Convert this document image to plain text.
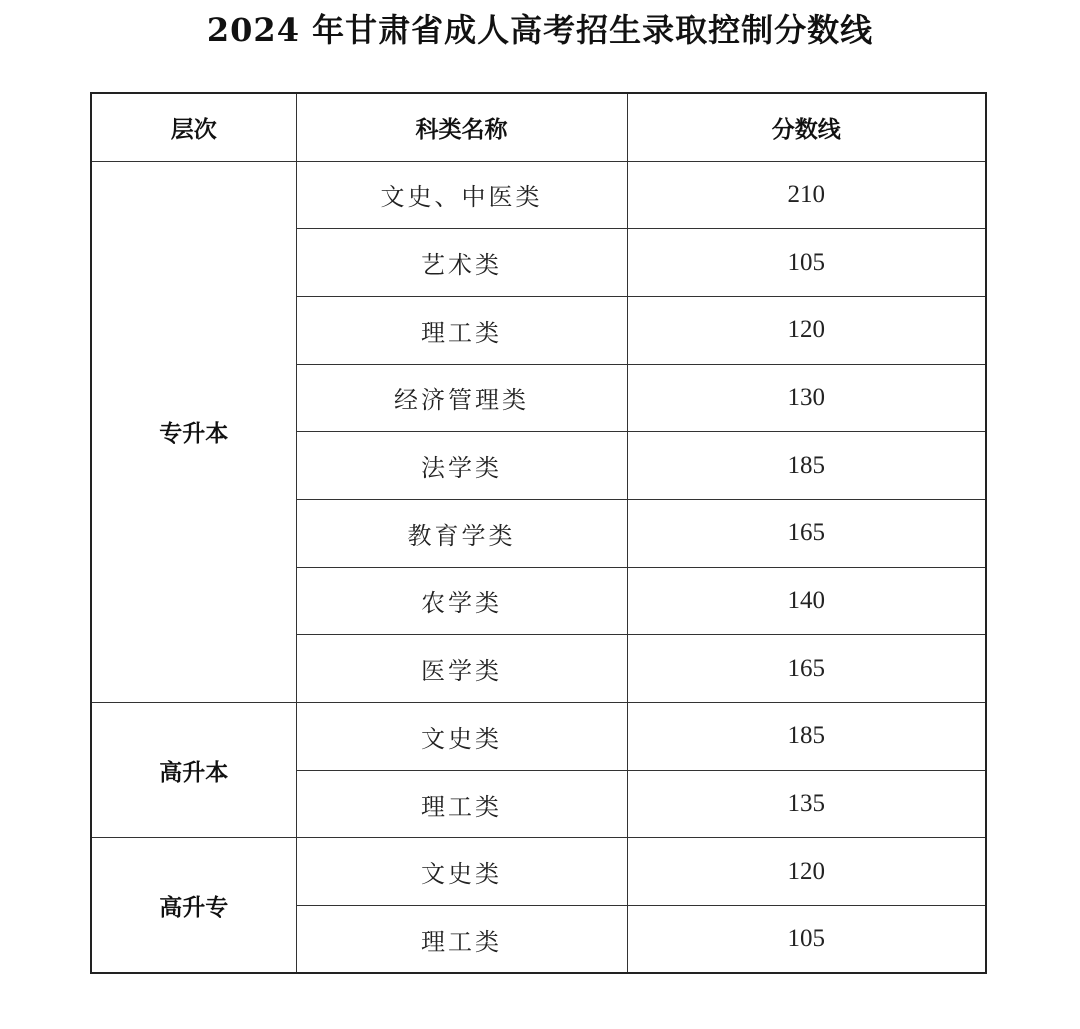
2024 年甘肃省成人高考招生录取控制分数线
层次	科类名称	分数线
专升本	文史、中医类	210
	艺术类	105
	理工类	120
	经济管理类	130
	法学类	185
	教育学类	165
	农学类	140
	医学类	165
高升本	文史类	185
	理工类	135
高升专	文史类	120
	理工类	105
